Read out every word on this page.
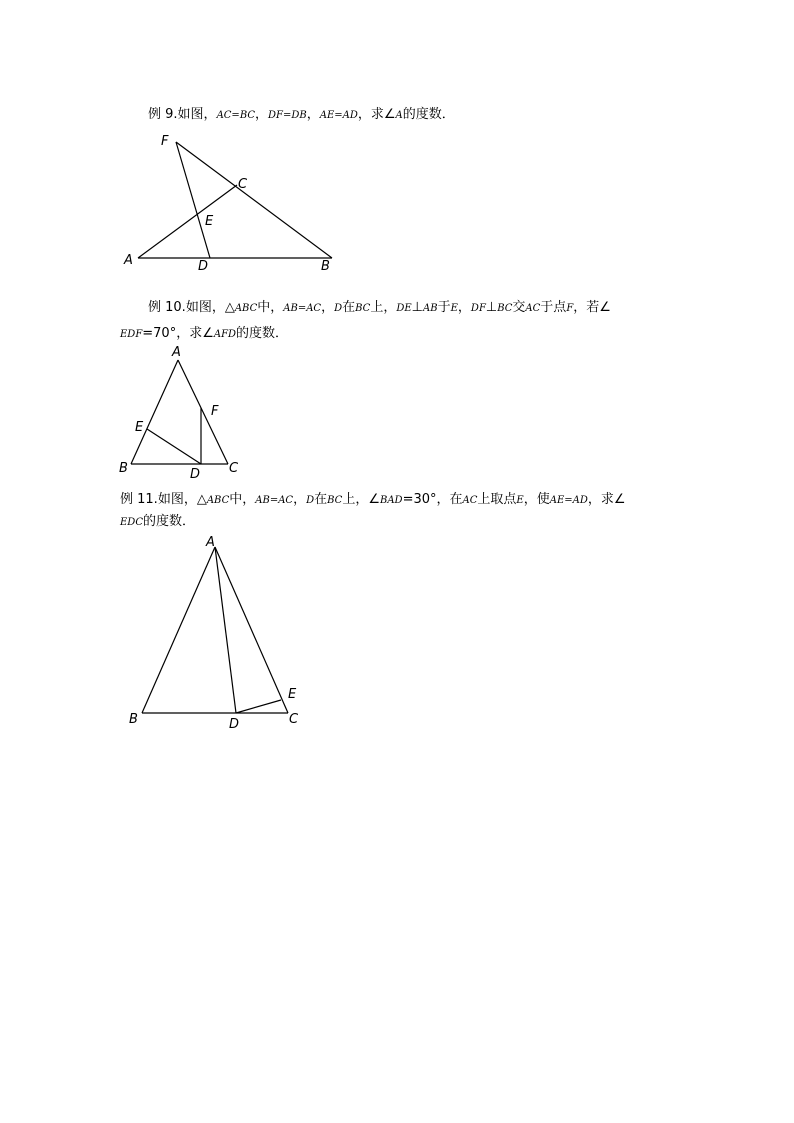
例 9.如图，AC=BC，DF=DB，AE=AD，求∠A的度数．
例 10.如图，△ABC中，AB=AC，D在BC上，DE⊥AB于E，DF⊥BC交AC于点F，若∠
EDF=70°，求∠AFD的度数．
例 11.如图，△ABC中，AB=AC，D在BC上，∠BAD=30°，在AC上取点E，使AE=AD，求∠
EDC的度数．
F
C
E
A	D	B
A
F
E
B	D C
A
E
B	D	C
